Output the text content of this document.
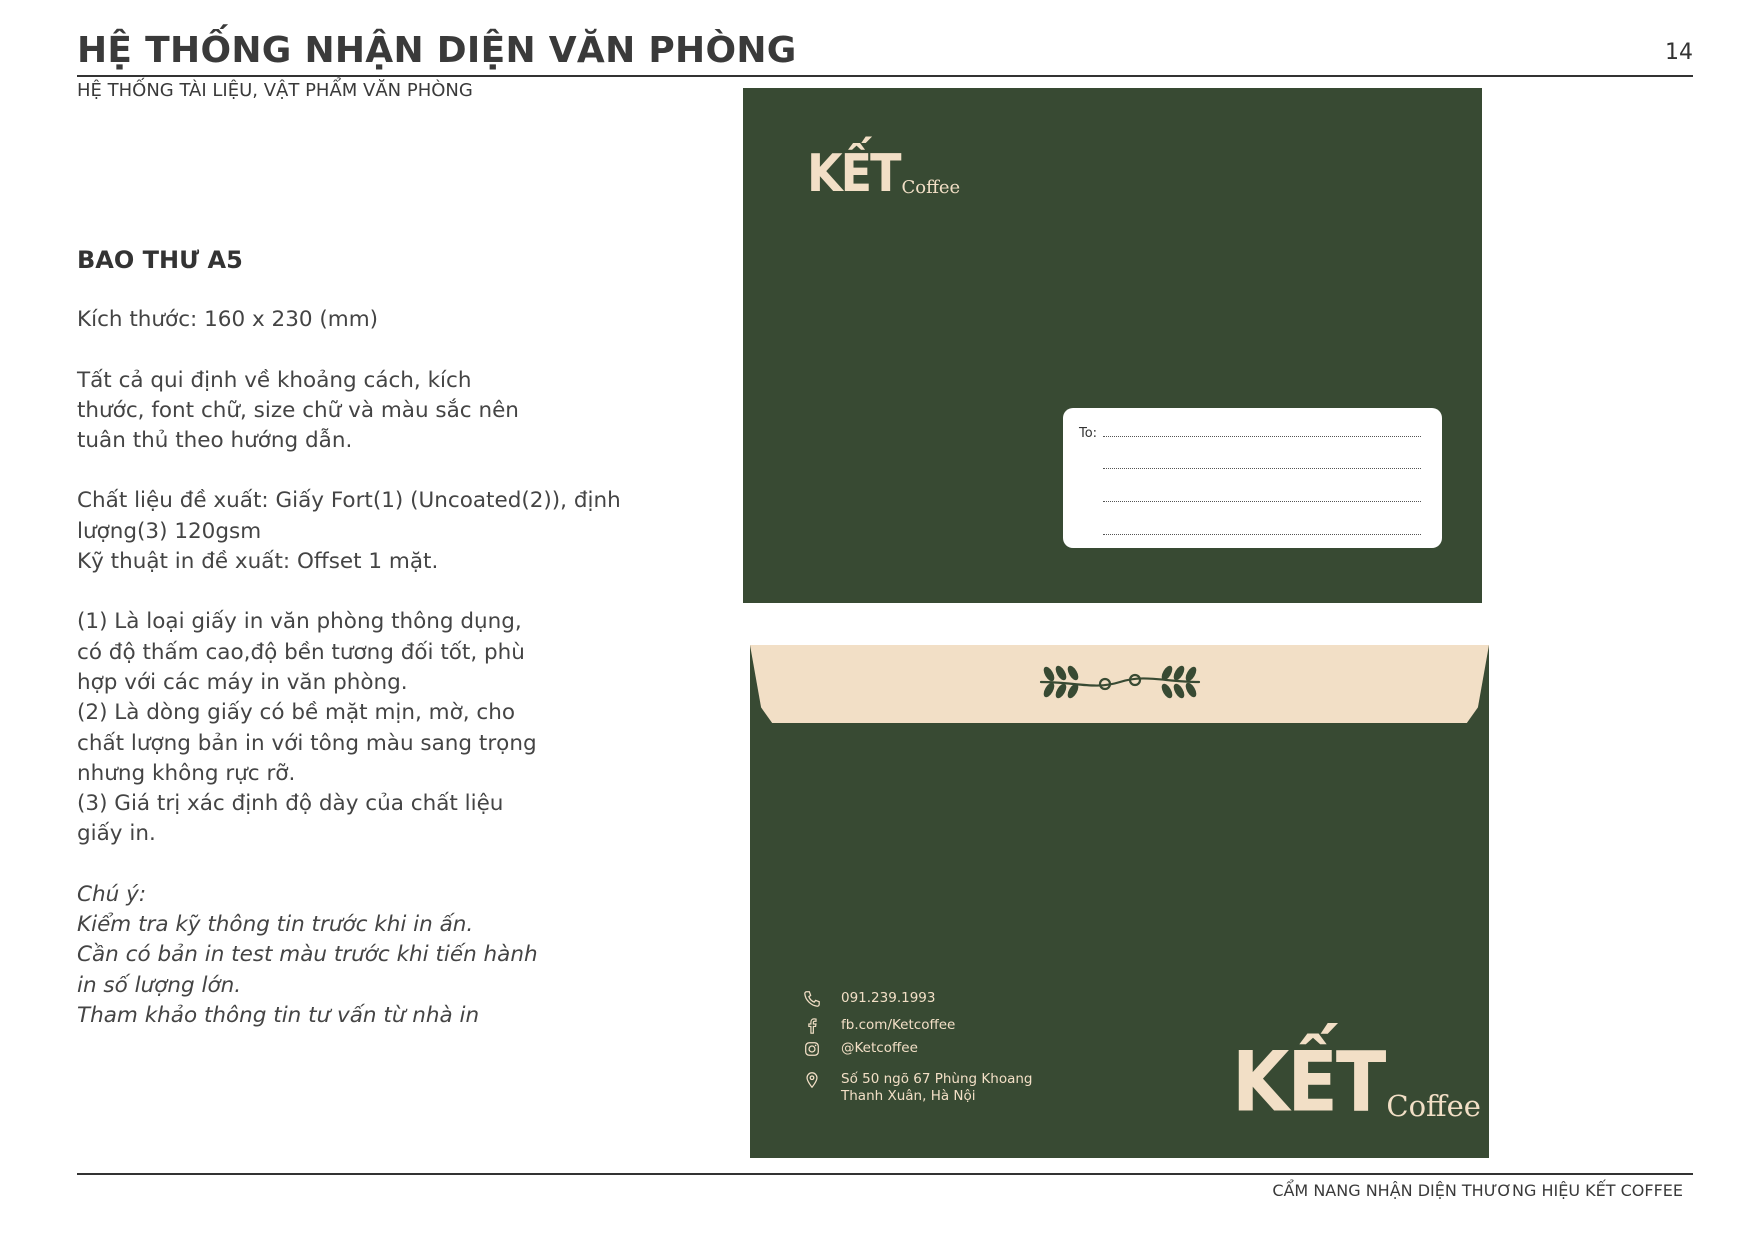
HỆ THỐNG NHẬN DIỆN VĂN PHÒNG	14
HỆ THỐNG TÀI LIỆU, VẬT PHẨM VĂN PHÒNG

BAO THƯ A5

Kích thước: 160 x 230 (mm)

Tất cả qui định về khoảng cách, kích

thước, font chữ, size chữ và màu sắc nên

tuân thủ theo hướng dẫn.

Chất liệu đề xuất: Giấy Fort(1) (Uncoated(2)), định

lượng(3) 120gsm

Kỹ thuật in đề xuất: Offset 1 mặt.

(1) Là loại giấy in văn phòng thông dụng,

có độ thấm cao,độ bền tương đối tốt, phù

hợp với các máy in văn phòng.

(2) Là dòng giấy có bề mặt mịn, mờ, cho

chất lượng bản in với tông màu sang trọng

nhưng không rực rỡ.

(3) Giá trị xác định độ dày của chất liệu

giấy in.

Chú ý:

Kiểm tra kỹ thông tin trước khi in ấn.

Cần có bản in test màu trước khi tiến hành

in số lượng lớn.

Tham khảo thông tin tư vấn từ nhà in

KẾT Coffee
To:
091.239.1993
fb.com/Ketcoffee
@Ketcoffee
Số 50 ngõ 67 Phùng Khoang
Thanh Xuân, Hà Nội	KẾT Coffee
CẨM NANG NHẬN DIỆN THƯƠNG HIỆU KẾT COFFEE
